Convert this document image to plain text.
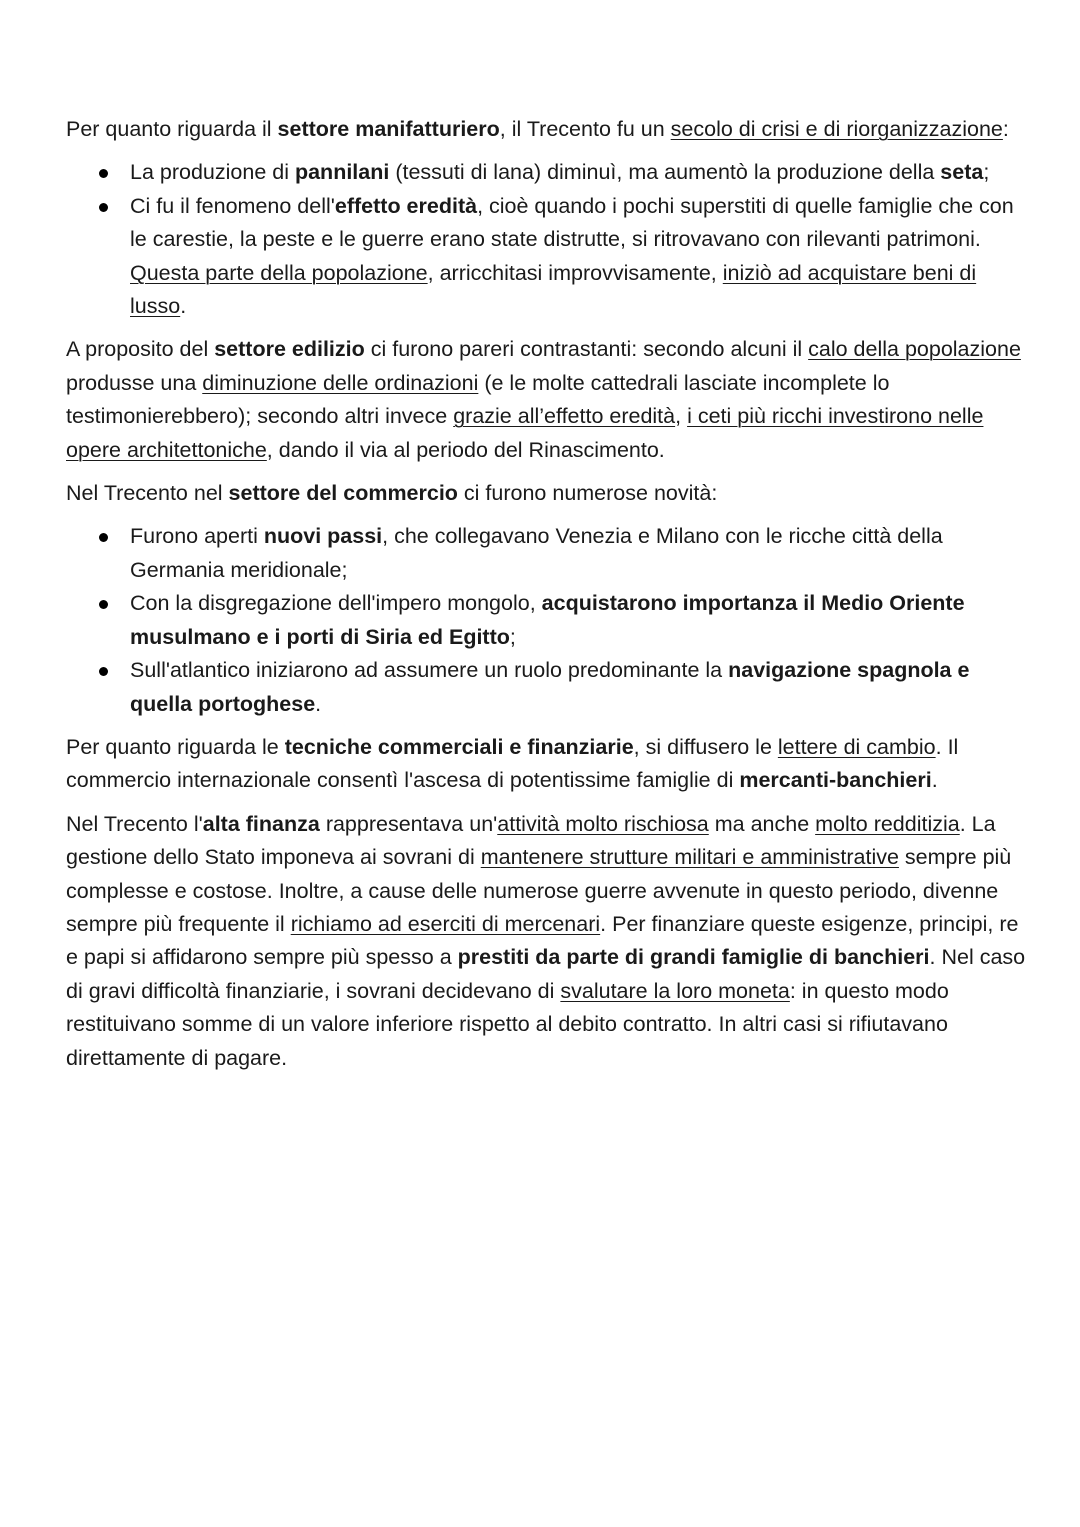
Per quanto riguarda il settore manifatturiero, il Trecento fu un secolo di crisi e di riorganizzazione:

La produzione di pannilani (tessuti di lana) diminuì, ma aumentò la produzione della seta;
Ci fu il fenomeno dell'effetto eredità, cioè quando i pochi superstiti di quelle famiglie che con le carestie, la peste e le guerre erano state distrutte, si ritrovavano con rilevanti patrimoni. Questa parte della popolazione, arricchitasi improvvisamente, iniziò ad acquistare beni di lusso.

A proposito del settore edilizio ci furono pareri contrastanti: secondo alcuni il calo della popolazione produsse una diminuzione delle ordinazioni (e le molte cattedrali lasciate incomplete lo testimonierebbero); secondo altri invece grazie all’effetto eredità, i ceti più ricchi investirono nelle opere architettoniche, dando il via al periodo del Rinascimento.

Nel Trecento nel settore del commercio ci furono numerose novità:

Furono aperti nuovi passi, che collegavano Venezia e Milano con le ricche città della Germania meridionale;
Con la disgregazione dell'impero mongolo, acquistarono importanza il Medio Oriente musulmano e i porti di Siria ed Egitto;
Sull'atlantico iniziarono ad assumere un ruolo predominante la navigazione spagnola e quella portoghese.

Per quanto riguarda le tecniche commerciali e finanziarie, si diffusero le lettere di cambio. Il commercio internazionale consentì l'ascesa di potentissime famiglie di mercanti-banchieri.

Nel Trecento l'alta finanza rappresentava un'attività molto rischiosa ma anche molto redditizia. La gestione dello Stato imponeva ai sovrani di mantenere strutture militari e amministrative sempre più complesse e costose. Inoltre, a cause delle numerose guerre avvenute in questo periodo, divenne sempre più frequente il richiamo ad eserciti di mercenari. Per finanziare queste esigenze, principi, re e papi si affidarono sempre più spesso a prestiti da parte di grandi famiglie di banchieri. Nel caso di gravi difficoltà finanziarie, i sovrani decidevano di svalutare la loro moneta: in questo modo restituivano somme di un valore inferiore rispetto al debito contratto. In altri casi si rifiutavano direttamente di pagare.
